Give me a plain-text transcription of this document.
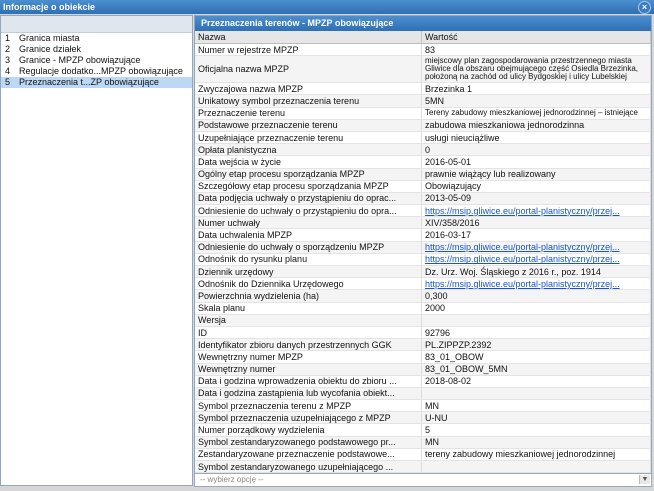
Informacje o obiekcie	×
1 Granica miasta
2 Granice działek
3 Granice - MPZP obowiązujące
4 Regulacje dodatko...MPZP obowiązujące
5 Przeznaczenia t...ZP obowiązujące
Przeznaczenia terenów - MPZP obowiązujące
Nazwa	Wartość
Numer w rejestrze MPZP	83
Oficjalna nazwa MPZP	miejscowy plan zagospodarowania przestrzennego miasta Gliwice dla obszaru obejmującego część Osiedla Brzezinka, położoną na zachód od ulicy Bydgoskiej i ulicy Lubelskiej
Zwyczajowa nazwa MPZP	Brzezinka 1
Unikatowy symbol przeznaczenia terenu	5MN
Przeznaczenie terenu	Tereny zabudowy mieszkaniowej jednorodzinnej – istniejące
Podstawowe przeznaczenie terenu	zabudowa mieszkaniowa jednorodzinna
Uzupełniające przeznaczenie terenu	usługi nieuciążliwe
Opłata planistyczna	0
Data wejścia w życie	2016-05-01
Ogólny etap procesu sporządzania MPZP	prawnie wiążący lub realizowany
Szczegółowy etap procesu sporządzania MPZP	Obowiązujący
Data podjęcia uchwały o przystąpieniu do oprac...	2013-05-09
Odniesienie do uchwały o przystąpieniu do opra...	https://msip.gliwice.eu/portal-planistyczny/przej...
Numer uchwały	XIV/358/2016
Data uchwalenia MPZP	2016-03-17
Odniesienie do uchwały o sporządzeniu MPZP	https://msip.gliwice.eu/portal-planistyczny/przej...
Odnośnik do rysunku planu	https://msip.gliwice.eu/portal-planistyczny/przej...
Dziennik urzędowy	Dz. Urz. Woj. Śląskiego z 2016 r., poz. 1914
Odnośnik do Dziennika Urzędowego	https://msip.gliwice.eu/portal-planistyczny/przej...
Powierzchnia wydzielenia (ha)	0,300
Skala planu	2000
Wersja	
ID	92796
Identyfikator zbioru danych przestrzennych GGK	PL.ZIPPZP.2392
Wewnętrzny numer MPZP	83_01_OBOW
Wewnętrzny numer	83_01_OBOW_5MN
Data i godzina wprowadzenia obiektu do zbioru ...	2018-08-02
Data i godzina zastąpienia lub wycofania obiekt...	
Symbol przeznaczenia terenu z MPZP	MN
Symbol przeznaczenia uzupełniającego z MPZP	U-NU
Numer porządkowy wydzielenia	5
Symbol zestandaryzowanego podstawowego pr...	MN
Zestandaryzowane przeznaczenie podstawowe...	tereny zabudowy mieszkaniowej jednorodzinnej
Symbol zestandaryzowanego uzupełniającego ...	

-- wybierz opcję --	▼
Cu:dlin:9
